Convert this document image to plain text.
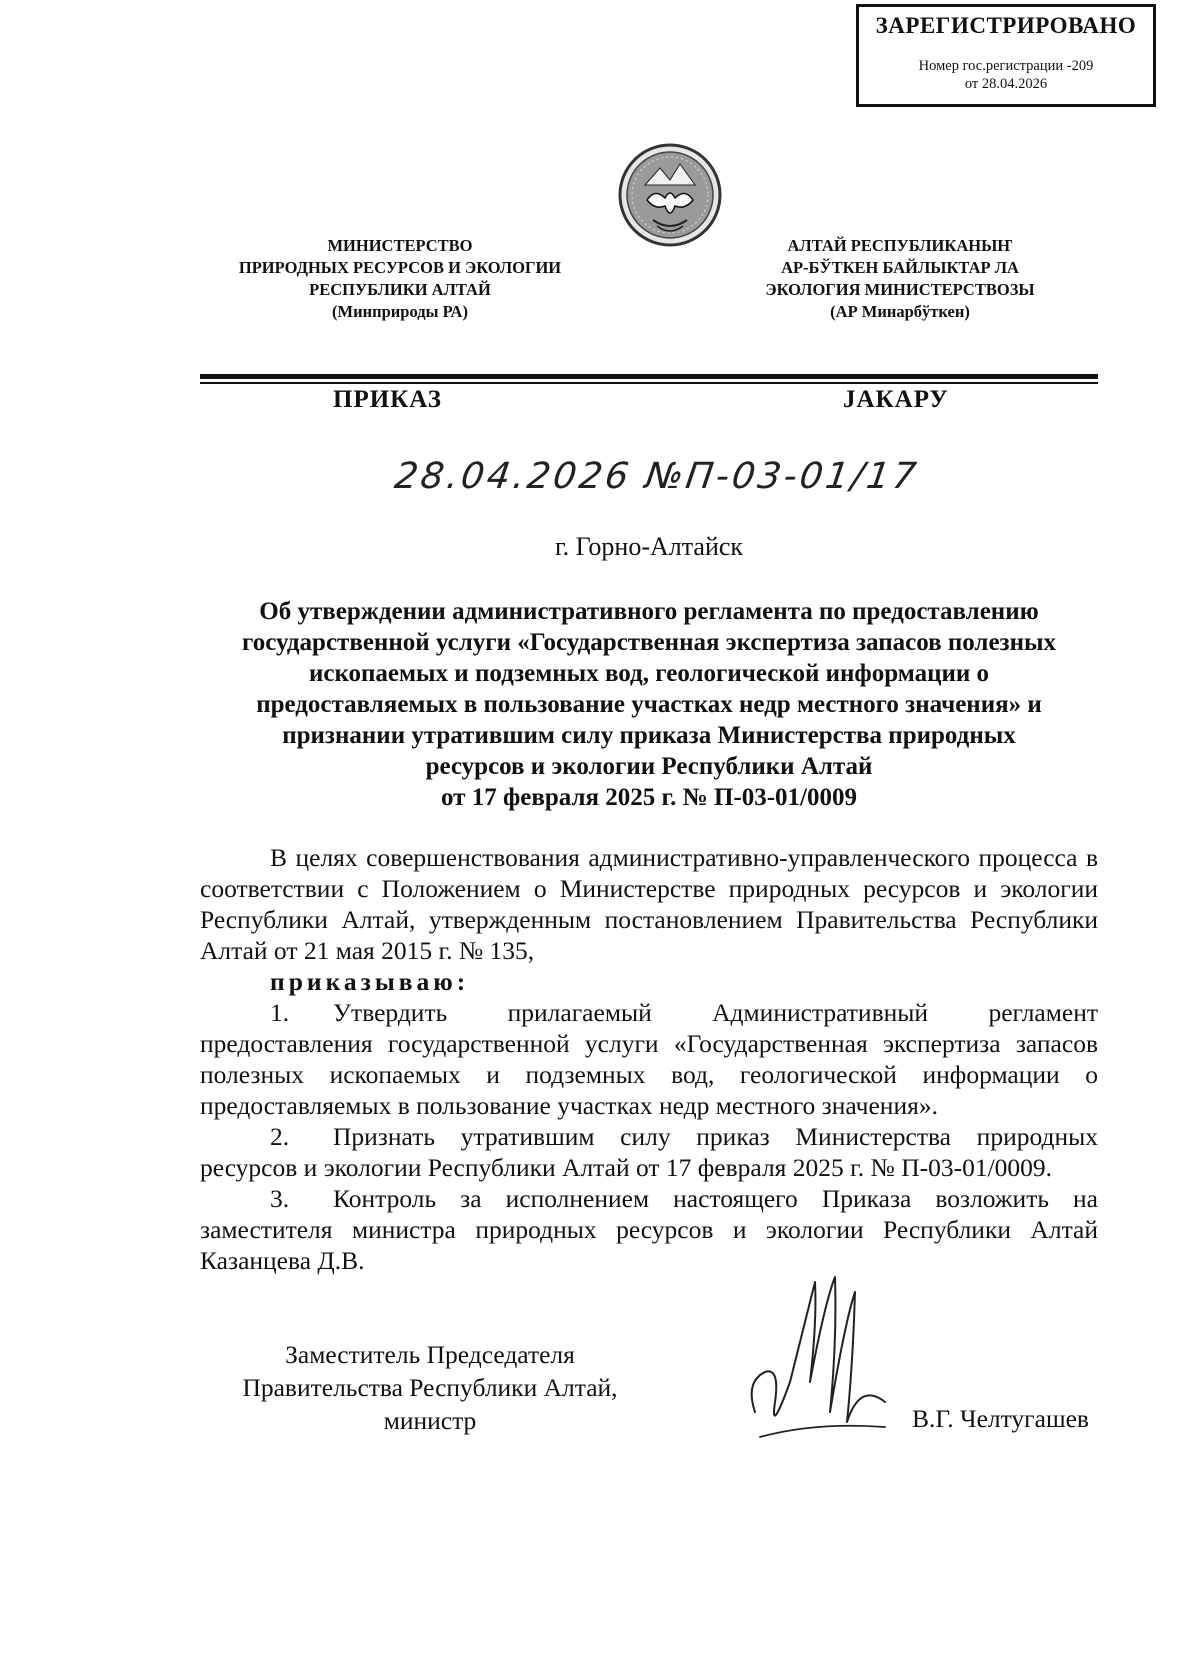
ЗАРЕГИСТРИРОВАНО
Номер гос.регистрации -209
от 28.04.2026
МИНИСТЕРСТВО
ПРИРОДНЫХ РЕСУРСОВ И ЭКОЛОГИИ
РЕСПУБЛИКИ АЛТАЙ
(Минприроды РА)
АЛТАЙ РЕСПУБЛИКАНЫҤ
АР-БЎТКЕН БАЙЛЫКТАР ЛА
ЭКОЛОГИЯ МИНИСТЕРСТВОЗЫ
(АР Минарбўткен)
ПРИКАЗ	JАКАРУ
28.04.2026 №П-03-01/17
г. Горно-Алтайск
Об утверждении административного регламента по предоставлению
государственной услуги «Государственная экспертиза запасов полезных
ископаемых и подземных вод, геологической информации о
предоставляемых в пользование участках недр местного значения» и
признании утратившим силу приказа Министерства природных
ресурсов и экологии Республики Алтай
от 17 февраля 2025 г. № П-03-01/0009

В целях совершенствования административно-управленческого процесса в соответствии с Положением о Министерстве природных ресурсов и экологии Республики Алтай, утвержденным постановлением Правительства Республики Алтай от 21 мая 2015 г. № 135,

приказываю:
1. Утвердить прилагаемый Административный регламент предоставления государственной услуги «Государственная экспертиза запасов полезных ископаемых и подземных вод, геологической информации о предоставляемых в пользование участках недр местного значения».
2. Признать утратившим силу приказ Министерства природных ресурсов и экологии Республики Алтай от 17 февраля 2025 г. № П-03-01/0009.
3. Контроль за исполнением настоящего Приказа возложить на заместителя министра природных ресурсов и экологии Республики Алтай Казанцева Д.В.
Заместитель Председателя
Правительства Республики Алтай,
министр	В.Г. Челтугашев
